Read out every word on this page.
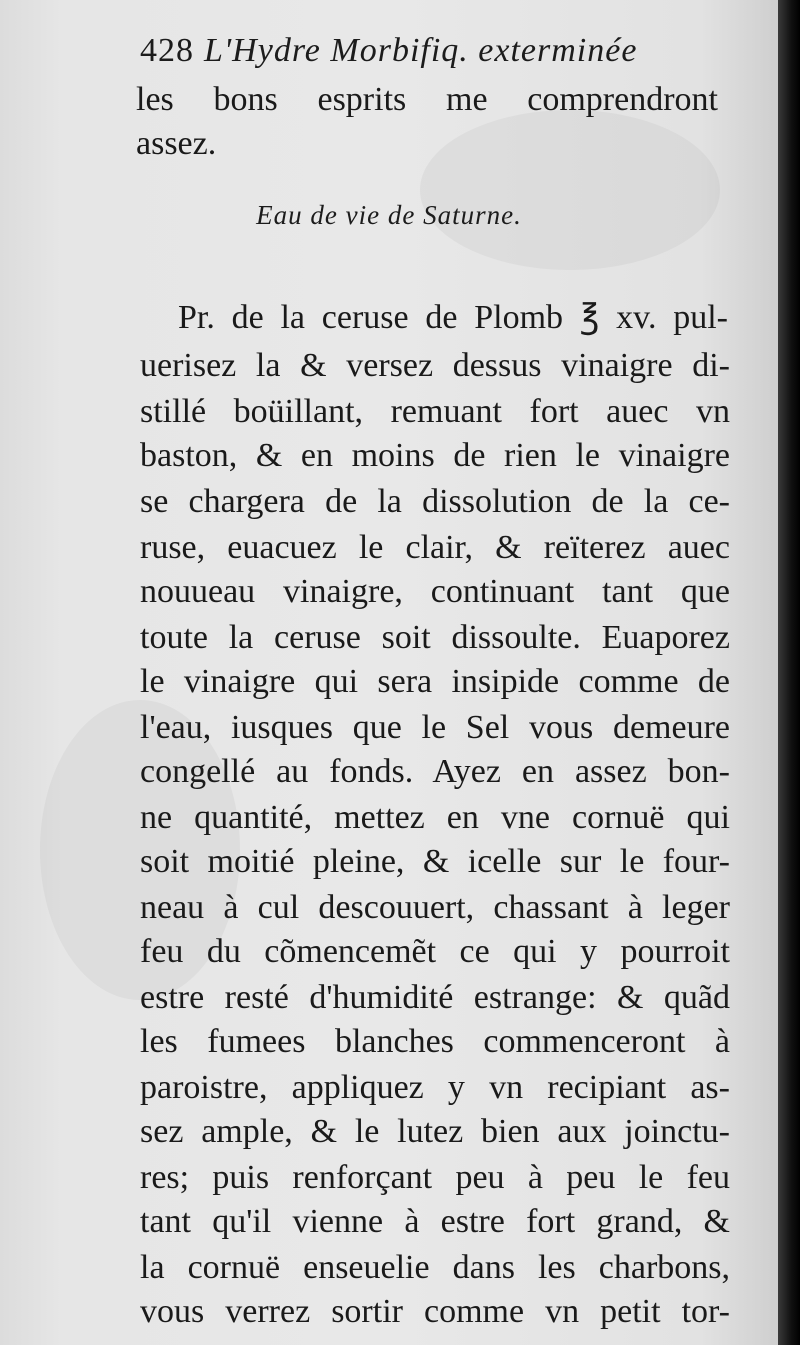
428 L'Hydre Morbifiq. exterminée
les bons esprits me comprendront
assez.
Eau de vie de Saturne.
Pr. de la ceruse de Plomb ℥ xv. pul-
uerisez la & versez dessus vinaigre di-
stillé boüillant, remuant fort auec vn
baston, & en moins de rien le vinaigre
se chargera de la dissolution de la ce-
ruse, euacuez le clair, & reïterez auec
nouueau vinaigre, continuant tant que
toute la ceruse soit dissoulte. Euaporez
le vinaigre qui sera insipide comme de
l'eau, iusques que le Sel vous demeure
congellé au fonds. Ayez en assez bon-
ne quantité, mettez en vne cornuë qui
soit moitié pleine, & icelle sur le four-
neau à cul descouuert, chassant à leger
feu du cõmencemẽt ce qui y pourroit
estre resté d'humidité estrange: & quãd
les fumees blanches commenceront à
paroistre, appliquez y vn recipiant as-
sez ample, & le lutez bien aux joinctu-
res; puis renforçant peu à peu le feu
tant qu'il vienne à estre fort grand, &
la cornuë enseuelie dans les charbons,
vous verrez sortir comme vn petit tor-
